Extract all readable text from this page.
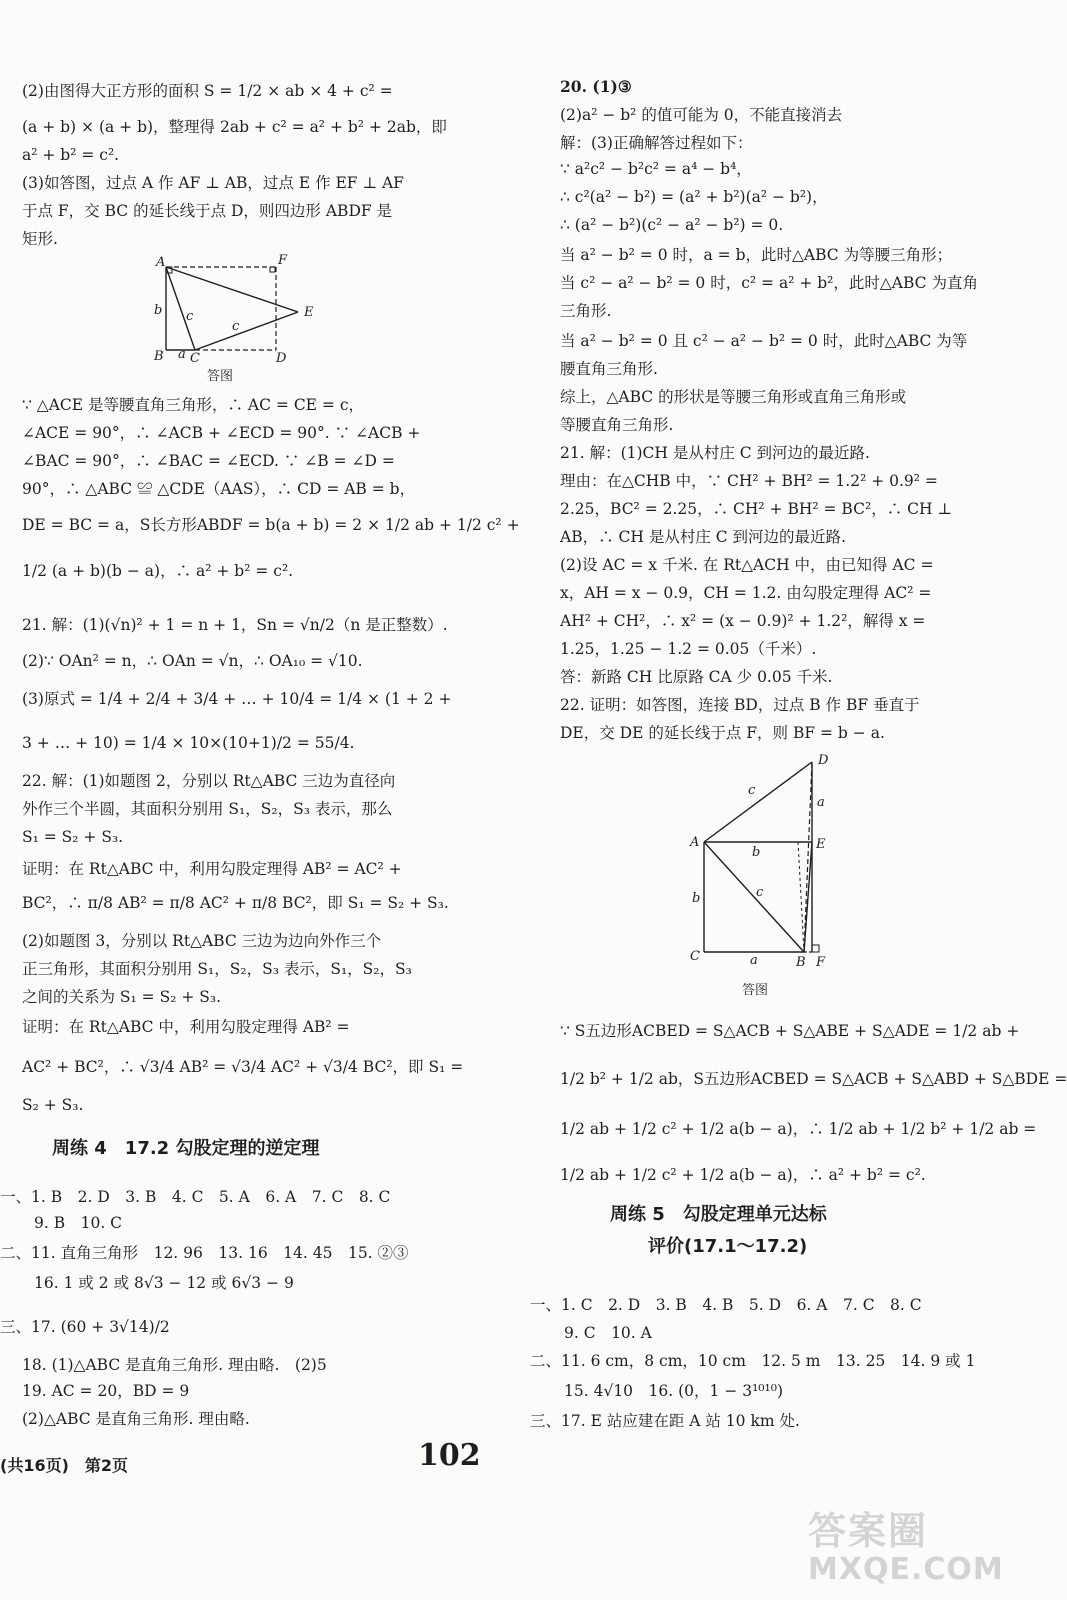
(2)由图得大正方形的面积 S = 1/2 × ab × 4 + c² =
(a + b) × (a + b)，整理得 2ab + c² = a² + b² + 2ab，即
a² + b² = c².
(3)如答图，过点 A 作 AF ⊥ AB，过点 E 作 EF ⊥ AF
于点 F，交 BC 的延长线于点 D，则四边形 ABDF 是
矩形.
A	F
E
B C	D
a
b c
c
答图
∵ △ACE 是等腰直角三角形，∴ AC = CE = c，
∠ACE = 90°，∴ ∠ACB + ∠ECD = 90°. ∵ ∠ACB +
∠BAC = 90°，∴ ∠BAC = ∠ECD. ∵ ∠B = ∠D =
90°，∴ △ABC ≌ △CDE（AAS），∴ CD = AB = b，
DE = BC = a，S长方形ABDF = b(a + b) = 2 × 1/2 ab + 1/2 c² +
1/2 (a + b)(b − a)，∴ a² + b² = c².
21. 解：(1)(√n)² + 1 = n + 1，Sn = √n/2（n 是正整数）.
(2)∵ OAn² = n，∴ OAn = √n，∴ OA₁₀ = √10.
(3)原式 = 1/4 + 2/4 + 3/4 + … + 10/4 = 1/4 × (1 + 2 +
3 + … + 10) = 1/4 × 10×(10+1)/2 = 55/4.
22. 解：(1)如题图 2，分别以 Rt△ABC 三边为直径向
外作三个半圆，其面积分别用 S₁，S₂，S₃ 表示，那么
S₁ = S₂ + S₃.
证明：在 Rt△ABC 中，利用勾股定理得 AB² = AC² +
BC²，∴ π/8 AB² = π/8 AC² + π/8 BC²，即 S₁ = S₂ + S₃.
(2)如题图 3，分别以 Rt△ABC 三边为边向外作三个
正三角形，其面积分别用 S₁，S₂，S₃ 表示，S₁，S₂，S₃
之间的关系为 S₁ = S₂ + S₃.
证明：在 Rt△ABC 中，利用勾股定理得 AB² =
AC² + BC²，∴ √3/4 AB² = √3/4 AC² + √3/4 BC²，即 S₁ =
S₂ + S₃.
周练 4　17.2 勾股定理的逆定理
一、1. B　2. D　3. B　4. C　5. A　6. A　7. C　8. C
9. B　10. C
二、11. 直角三角形　12. 96　13. 16　14. 45　15. ②③
16. 1 或 2 或 8√3 − 12 或 6√3 − 9
三、17. (60 + 3√14)/2
18. (1)△ABC 是直角三角形. 理由略.　(2)5
19. AC = 20，BD = 9
(2)△ABC 是直角三角形. 理由略.
20. (1)③
(2)a² − b² 的值可能为 0，不能直接消去
解：(3)正确解答过程如下：
∵ a²c² − b²c² = a⁴ − b⁴，
∴ c²(a² − b²) = (a² + b²)(a² − b²)，
∴ (a² − b²)(c² − a² − b²) = 0.
当 a² − b² = 0 时，a = b，此时△ABC 为等腰三角形；
当 c² − a² − b² = 0 时，c² = a² + b²，此时△ABC 为直角
三角形.
当 a² − b² = 0 且 c² − a² − b² = 0 时，此时△ABC 为等
腰直角三角形.
综上，△ABC 的形状是等腰三角形或直角三角形或
等腰直角三角形.
21. 解：(1)CH 是从村庄 C 到河边的最近路.
理由：在△CHB 中，∵ CH² + BH² = 1.2² + 0.9² =
2.25，BC² = 2.25，∴ CH² + BH² = BC²，∴ CH ⊥
AB，∴ CH 是从村庄 C 到河边的最近路.
(2)设 AC = x 千米. 在 Rt△ACH 中，由已知得 AC =
x，AH = x − 0.9，CH = 1.2. 由勾股定理得 AC² =
AH² + CH²，∴ x² = (x − 0.9)² + 1.2²，解得 x =
1.25，1.25 − 1.2 = 0.05（千米）.
答：新路 CH 比原路 CA 少 0.05 千米.
22. 证明：如答图，连接 BD，过点 B 作 BF 垂直于
DE，交 DE 的延长线于点 F，则 BF = b − a.
D
A	E
C	B F
a
a
b
b
c
c
答图
∵ S五边形ACBED = S△ACB + S△ABE + S△ADE = 1/2 ab +
1/2 b² + 1/2 ab，S五边形ACBED = S△ACB + S△ABD + S△BDE =
1/2 ab + 1/2 c² + 1/2 a(b − a)，∴ 1/2 ab + 1/2 b² + 1/2 ab =
1/2 ab + 1/2 c² + 1/2 a(b − a)，∴ a² + b² = c².
周练 5　勾股定理单元达标
评价(17.1～17.2)
一、1. C　2. D　3. B　4. B　5. D　6. A　7. C　8. C
9. C　10. A
二、11. 6 cm，8 cm，10 cm　12. 5 m　13. 25　14. 9 或 1
15. 4√10　16. (0，1 − 3¹⁰¹⁰)
三、17. E 站应建在距 A 站 10 km 处.
(共16页)　第2页	102
答案圈
MXQE.COM
